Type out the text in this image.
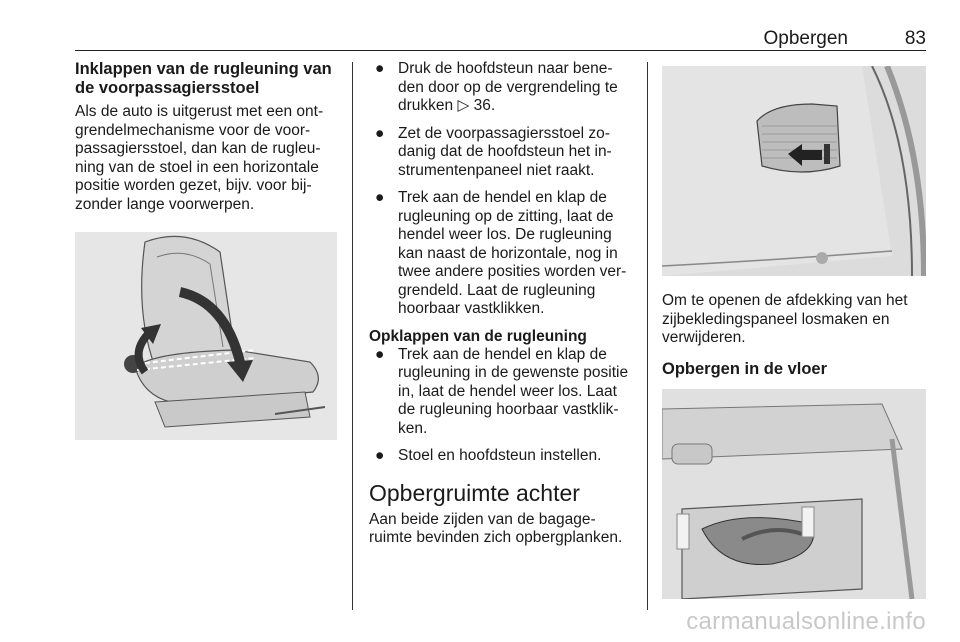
Opbergen	83
Inklappen van de rugleuning van de voorpassagiersstoel

Als de auto is uitgerust met een ont-grendelmechanisme voor de voor-passagiersstoel, dan kan de rugleu-ning van de stoel in een horizontale positie worden gezet, bijv. voor bij-zonder lange voorwerpen.

● Druk de hoofdsteun naar bene-den door op de vergrendeling te drukken ▷ 36.
● Zet de voorpassagiersstoel zo-danig dat de hoofdsteun het in-strumentenpaneel niet raakt.
● Trek aan de hendel en klap de rugleuning op de zitting, laat de hendel weer los. De rugleuning kan naast de horizontale, nog in twee andere posities worden ver-grendeld. Laat de rugleuning hoorbaar vastklikken.
Opklappen van de rugleuning
● Trek aan de hendel en klap de rugleuning in de gewenste positie in, laat de hendel weer los. Laat de rugleuning hoorbaar vastklik-ken.
● Stoel en hoofdsteun instellen.
Opbergruimte achter

Aan beide zijden van de bagage-ruimte bevinden zich opbergplanken.

Om te openen de afdekking van het zijbekledingspaneel losmaken en verwijderen.

Opbergen in de vloer
carmanualsonline.info
